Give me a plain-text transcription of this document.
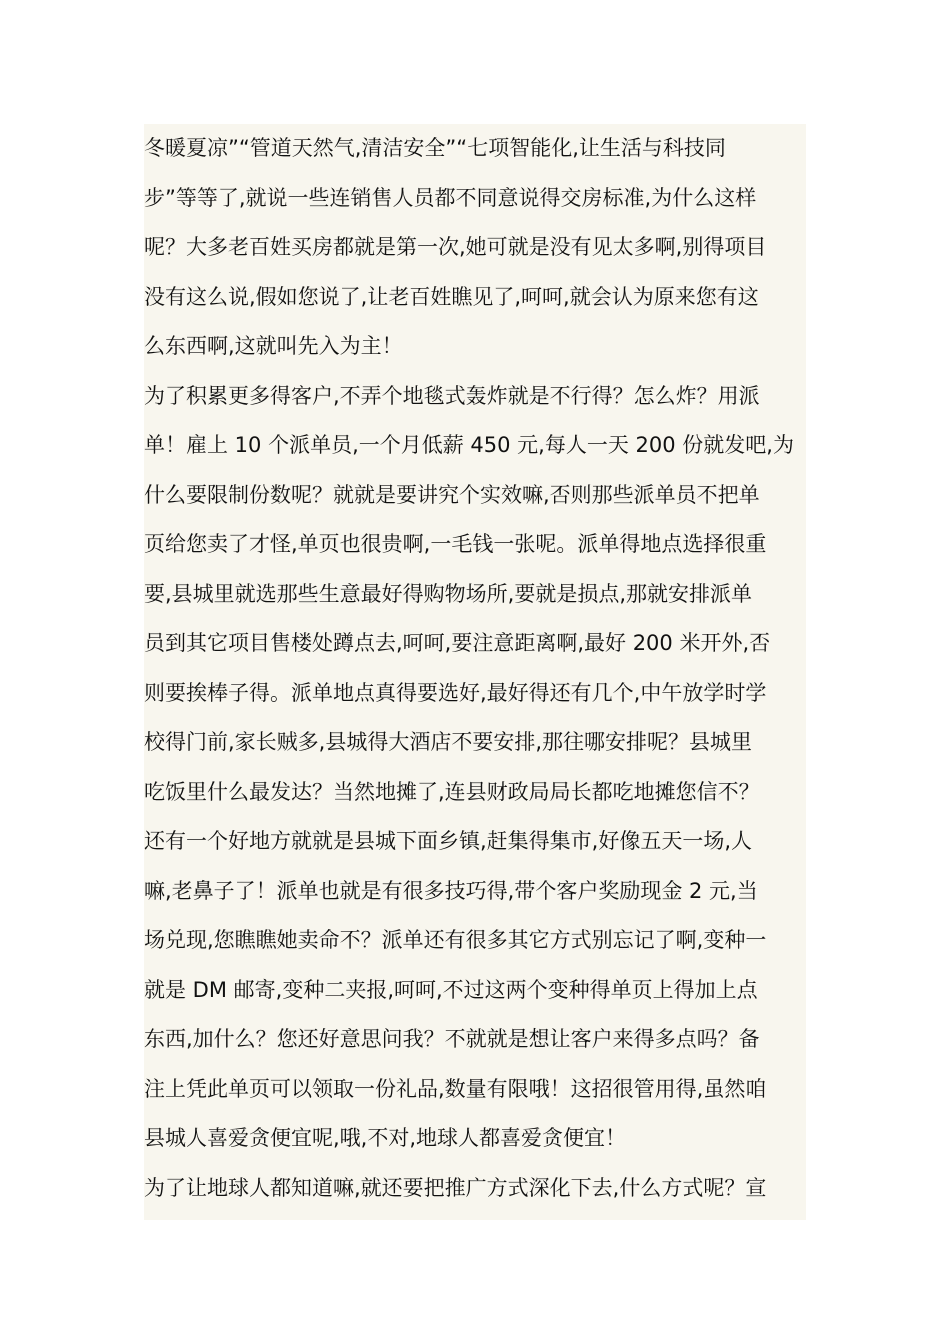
冬暖夏凉”“管道天然气,清洁安全”“七项智能化,让生活与科技同
步”等等了,就说一些连销售人员都不同意说得交房标准,为什么这样
呢？大多老百姓买房都就是第一次,她可就是没有见太多啊,别得项目
没有这么说,假如您说了,让老百姓瞧见了,呵呵,就会认为原来您有这
么东西啊,这就叫先入为主！

为了积累更多得客户,不弄个地毯式轰炸就是不行得？怎么炸？用派
单！雇上 10 个派单员,一个月低薪 450 元,每人一天 200 份就发吧,为
什么要限制份数呢？就就是要讲究个实效嘛,否则那些派单员不把单
页给您卖了才怪,单页也很贵啊,一毛钱一张呢。派单得地点选择很重
要,县城里就选那些生意最好得购物场所,要就是损点,那就安排派单
员到其它项目售楼处蹲点去,呵呵,要注意距离啊,最好 200 米开外,否
则要挨棒子得。派单地点真得要选好,最好得还有几个,中午放学时学
校得门前,家长贼多,县城得大酒店不要安排,那往哪安排呢？县城里
吃饭里什么最发达？当然地摊了,连县财政局局长都吃地摊您信不？
还有一个好地方就就是县城下面乡镇,赶集得集市,好像五天一场,人
嘛,老鼻子了！派单也就是有很多技巧得,带个客户奖励现金 2 元,当
场兑现,您瞧瞧她卖命不？派单还有很多其它方式别忘记了啊,变种一
就是 DM 邮寄,变种二夹报,呵呵,不过这两个变种得单页上得加上点
东西,加什么？您还好意思问我？不就就是想让客户来得多点吗？备
注上凭此单页可以领取一份礼品,数量有限哦！这招很管用得,虽然咱
县城人喜爱贪便宜呢,哦,不对,地球人都喜爱贪便宜！

为了让地球人都知道嘛,就还要把推广方式深化下去,什么方式呢？宣
